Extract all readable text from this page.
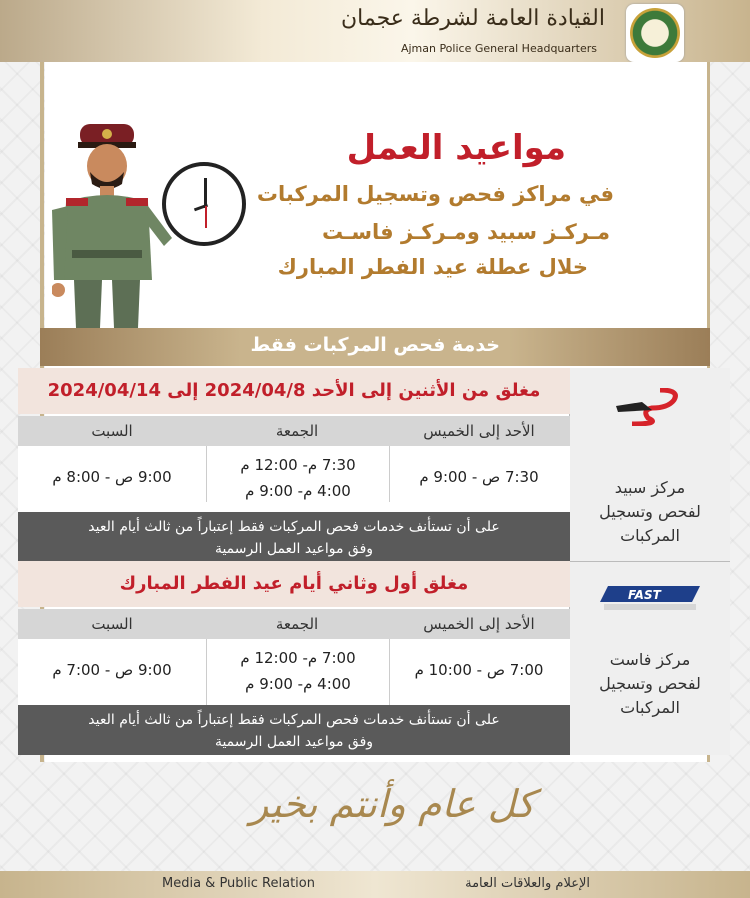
القيادة العامة لشرطة عجمان
Ajman Police General Headquarters
مواعيد العمل
في مراكز فحص وتسجيل المركبات
مـركـز سبيد ومـركـز فاسـت
خلال عطلة عيد الفطر المبارك
خدمة فحص المركبات فقط
مركز سبيد
لفحص وتسجيل
المركبات
مغلق من الأثنين إلى الأحد 2024/04/8 إلى 2024/04/14
الأحد إلى الخميس
الجمعة
السبت
7:30 ص - 9:00 م
7:30 م- 12:00 م
4:00 م- 9:00 م
9:00 ص - 8:00 م
على أن تستأنف خدمات فحص المركبات فقط إعتباراً من ثالث أيام العيد
وفق مواعيد العمل الرسمية
FAST
مركز فاست
لفحص وتسجيل
المركبات
مغلق أول وثاني أيام عيد الفطر المبارك
الأحد إلى الخميس
الجمعة
السبت
7:00 ص - 10:00 م
7:00 م- 12:00 م
4:00 م- 9:00 م
9:00 ص - 7:00 م
على أن تستأنف خدمات فحص المركبات فقط إعتباراً من ثالث أيام العيد
وفق مواعيد العمل الرسمية
كل عام وأنتم بخير
Media & Public Relation	الإعلام والعلاقات العامة
